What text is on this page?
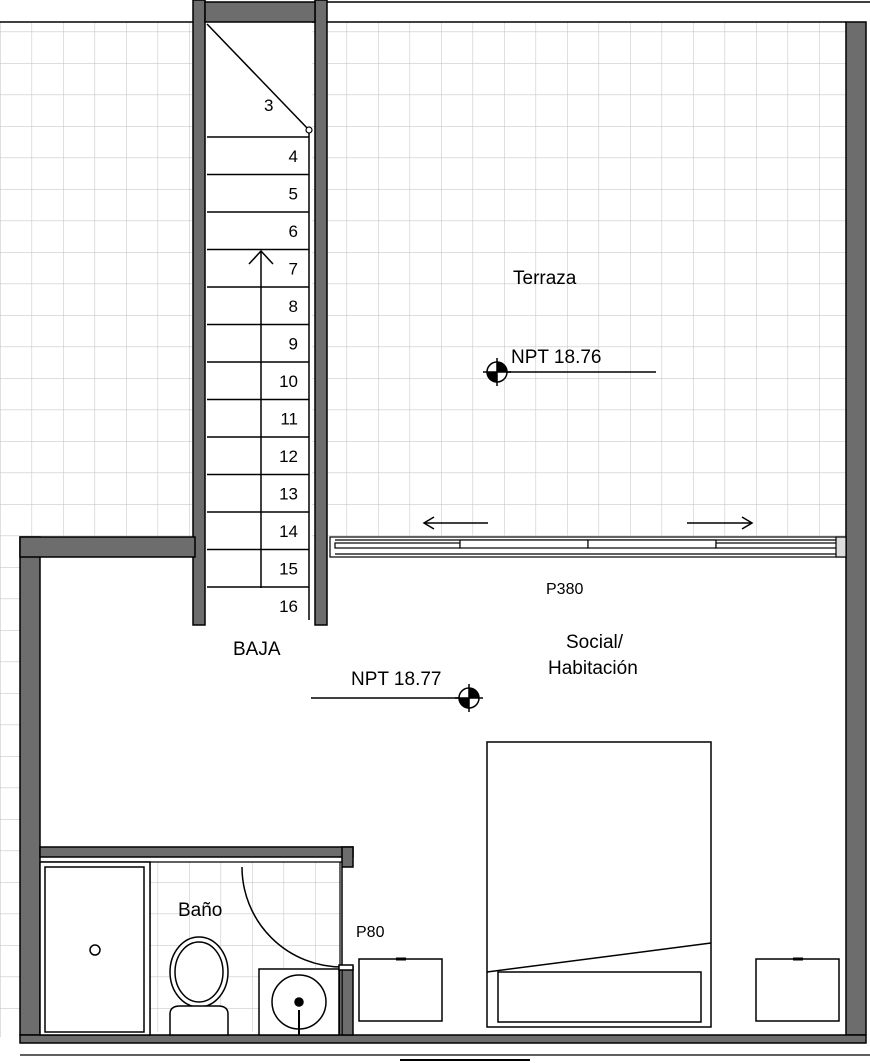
3
4
5
6
7
8
9
10
11
12
13
14
15
16
BAJA
P380
Terraza
NPT 18.76
Social/
Habitación
NPT 18.77
Baño
P80
